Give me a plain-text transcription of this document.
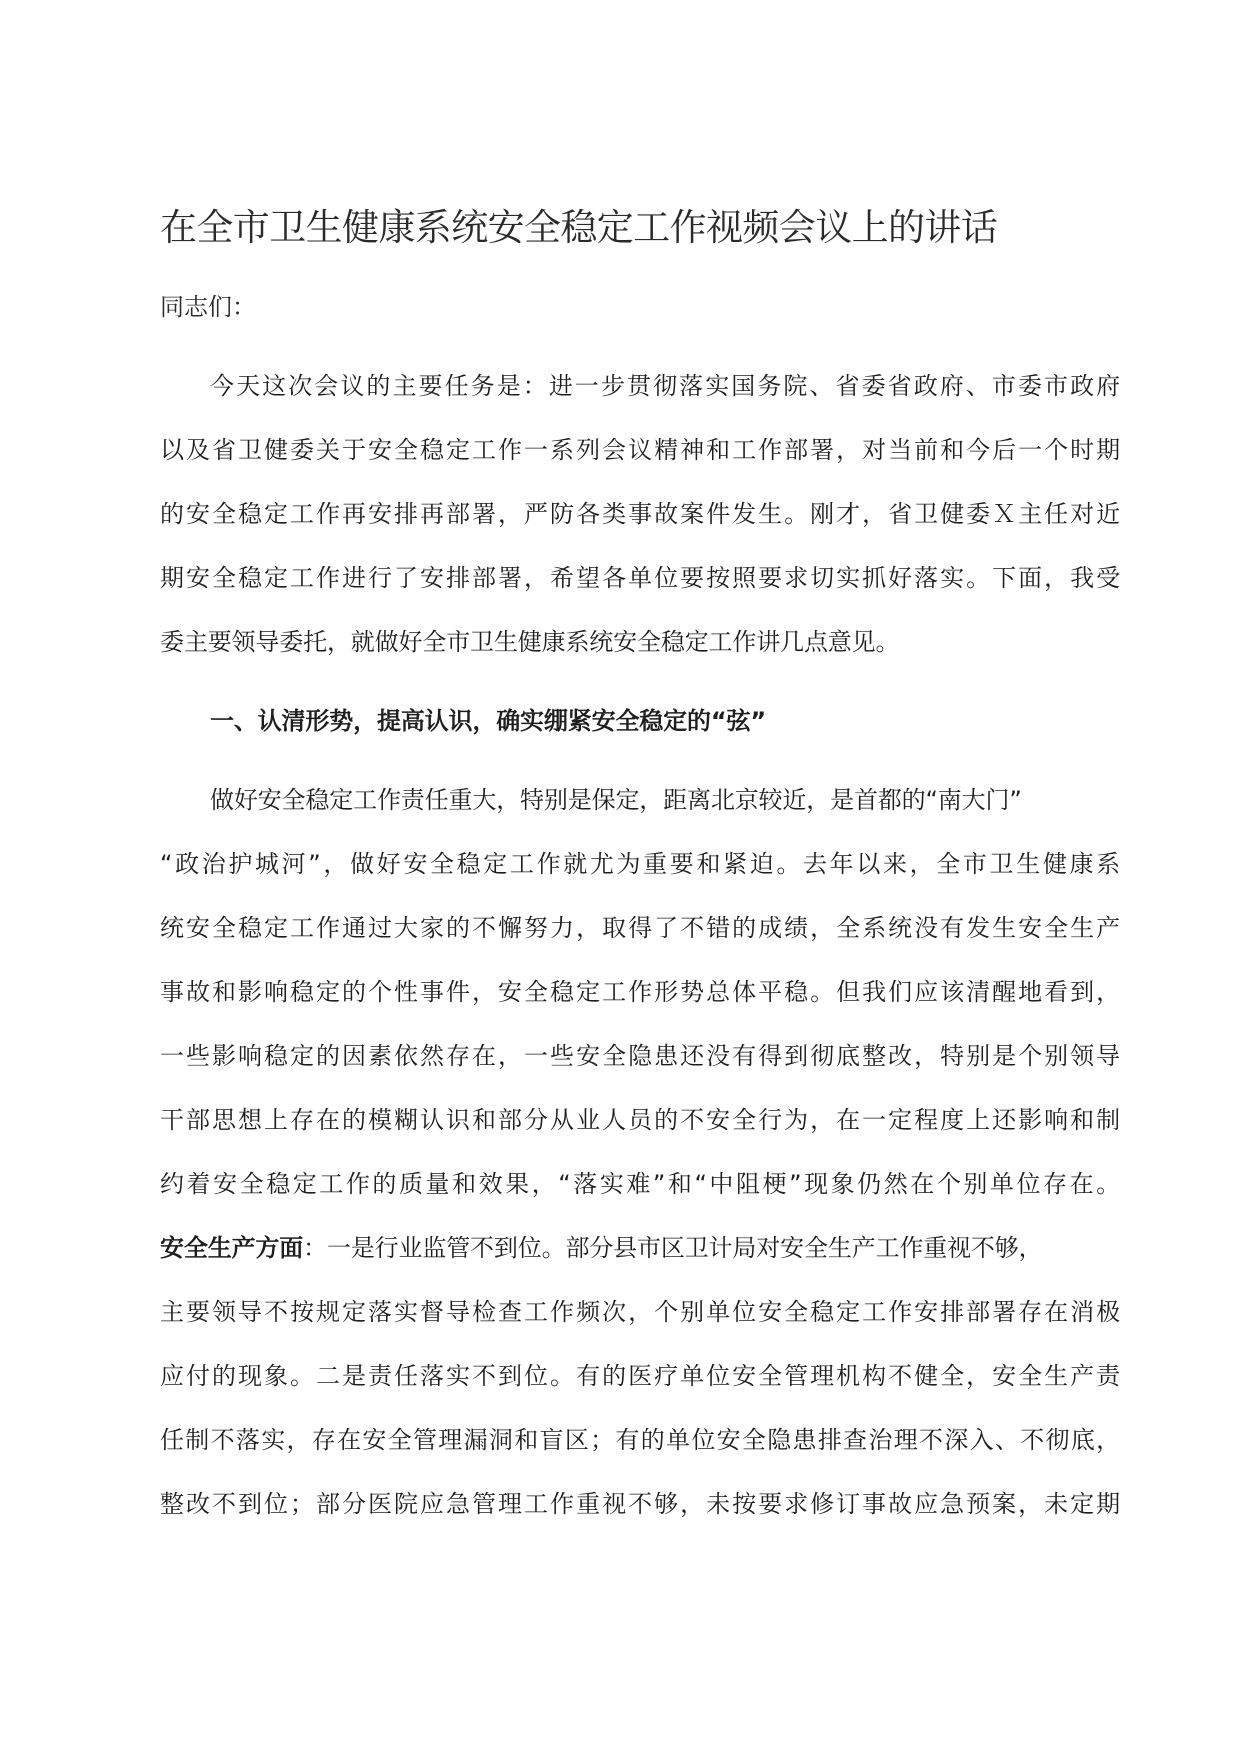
在全市卫生健康系统安全稳定工作视频会议上的讲话
同志们：
今天这次会议的主要任务是：进一步贯彻落实国务院、省委省政府、市委市政府
以及省卫健委关于安全稳定工作一系列会议精神和工作部署，对当前和今后一个时期
的安全稳定工作再安排再部署，严防各类事故案件发生。刚才，省卫健委Ｘ主任对近
期安全稳定工作进行了安排部署，希望各单位要按照要求切实抓好落实。下面，我受
委主要领导委托，就做好全市卫生健康系统安全稳定工作讲几点意见。
一、认清形势，提高认识，确实绷紧安全稳定的“弦”
做好安全稳定工作责任重大，特别是保定，距离北京较近，是首都的“南大门”
“政治护城河”，做好安全稳定工作就尤为重要和紧迫。去年以来，全市卫生健康系
统安全稳定工作通过大家的不懈努力，取得了不错的成绩，全系统没有发生安全生产
事故和影响稳定的个性事件，安全稳定工作形势总体平稳。但我们应该清醒地看到，
一些影响稳定的因素依然存在，一些安全隐患还没有得到彻底整改，特别是个别领导
干部思想上存在的模糊认识和部分从业人员的不安全行为，在一定程度上还影响和制
约着安全稳定工作的质量和效果，“落实难”和“中阻梗”现象仍然在个别单位存在。
安全生产方面：一是行业监管不到位。部分县市区卫计局对安全生产工作重视不够，
主要领导不按规定落实督导检查工作频次，个别单位安全稳定工作安排部署存在消极
应付的现象。二是责任落实不到位。有的医疗单位安全管理机构不健全，安全生产责
任制不落实，存在安全管理漏洞和盲区；有的单位安全隐患排查治理不深入、不彻底，
整改不到位；部分医院应急管理工作重视不够，未按要求修订事故应急预案，未定期
